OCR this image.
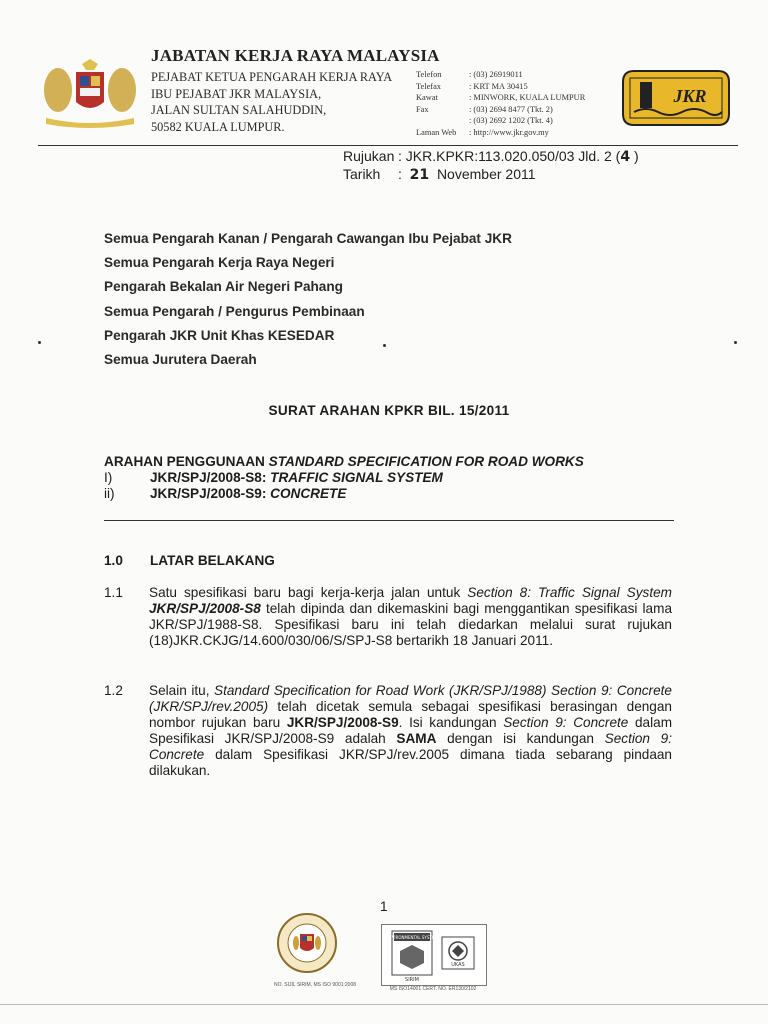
JABATAN KERJA RAYA MALAYSIA
PEJABAT KETUA PENGARAH KERJA RAYA
IBU PEJABAT JKR MALAYSIA,
JALAN SULTAN SALAHUDDIN,
50582 KUALA LUMPUR.
Telefon
Telefax
Kawat
Fax

Laman Web
: (03) 26919011
: KRT MA 30415
: MINWORK, KUALA LUMPUR
: (03) 2694 8477 (Tkt. 2)
: (03) 2692 1202 (Tkt. 4)
: http://www.jkr.gov.my
JKR
Rujukan : JKR.KPKR:113.020.050/03 Jld. 2 (4 )
Tarikh : 21 November 2011
Semua Pengarah Kanan / Pengarah Cawangan Ibu Pejabat JKR
Semua Pengarah Kerja Raya Negeri
Pengarah Bekalan Air Negeri Pahang
Semua Pengarah / Pengurus Pembinaan
Pengarah JKR Unit Khas KESEDAR
Semua Jurutera Daerah
SURAT ARAHAN KPKR BIL. 15/2011
ARAHAN PENGGUNAAN STANDARD SPECIFICATION FOR ROAD WORKS
I)	JKR/SPJ/2008-S8: TRAFFIC SIGNAL SYSTEM
ii)	JKR/SPJ/2008-S9: CONCRETE
1.0 LATAR BELAKANG
1.1 Satu spesifikasi baru bagi kerja-kerja jalan untuk Section 8: Traffic Signal System JKR/SPJ/2008-S8 telah dipinda dan dikemaskini bagi menggantikan spesifikasi lama JKR/SPJ/1988-S8. Spesifikasi baru ini telah diedarkan melalui surat rujukan (18)JKR.CKJG/14.600/030/06/S/SPJ-S8 bertarikh 18 Januari 2011.
1.2 Selain itu, Standard Specification for Road Work (JKR/SPJ/1988) Section 9: Concrete (JKR/SPJ/rev.2005) telah dicetak semula sebagai spesifikasi berasingan dengan nombor rujukan baru JKR/SPJ/2008-S9. Isi kandungan Section 9: Concrete dalam Spesifikasi JKR/SPJ/2008-S9 adalah SAMA dengan isi kandungan Section 9: Concrete dalam Spesifikasi JKR/SPJ/rev.2005 dimana tiada sebarang pindaan dilakukan.
1
NO. SIJIL SIRIM, MS ISO 9001:2008
ENVIRONMENTAL SYSTEM
SIRIM
UKAS
MS ISO14001 CERT. NO. ER130/2102
